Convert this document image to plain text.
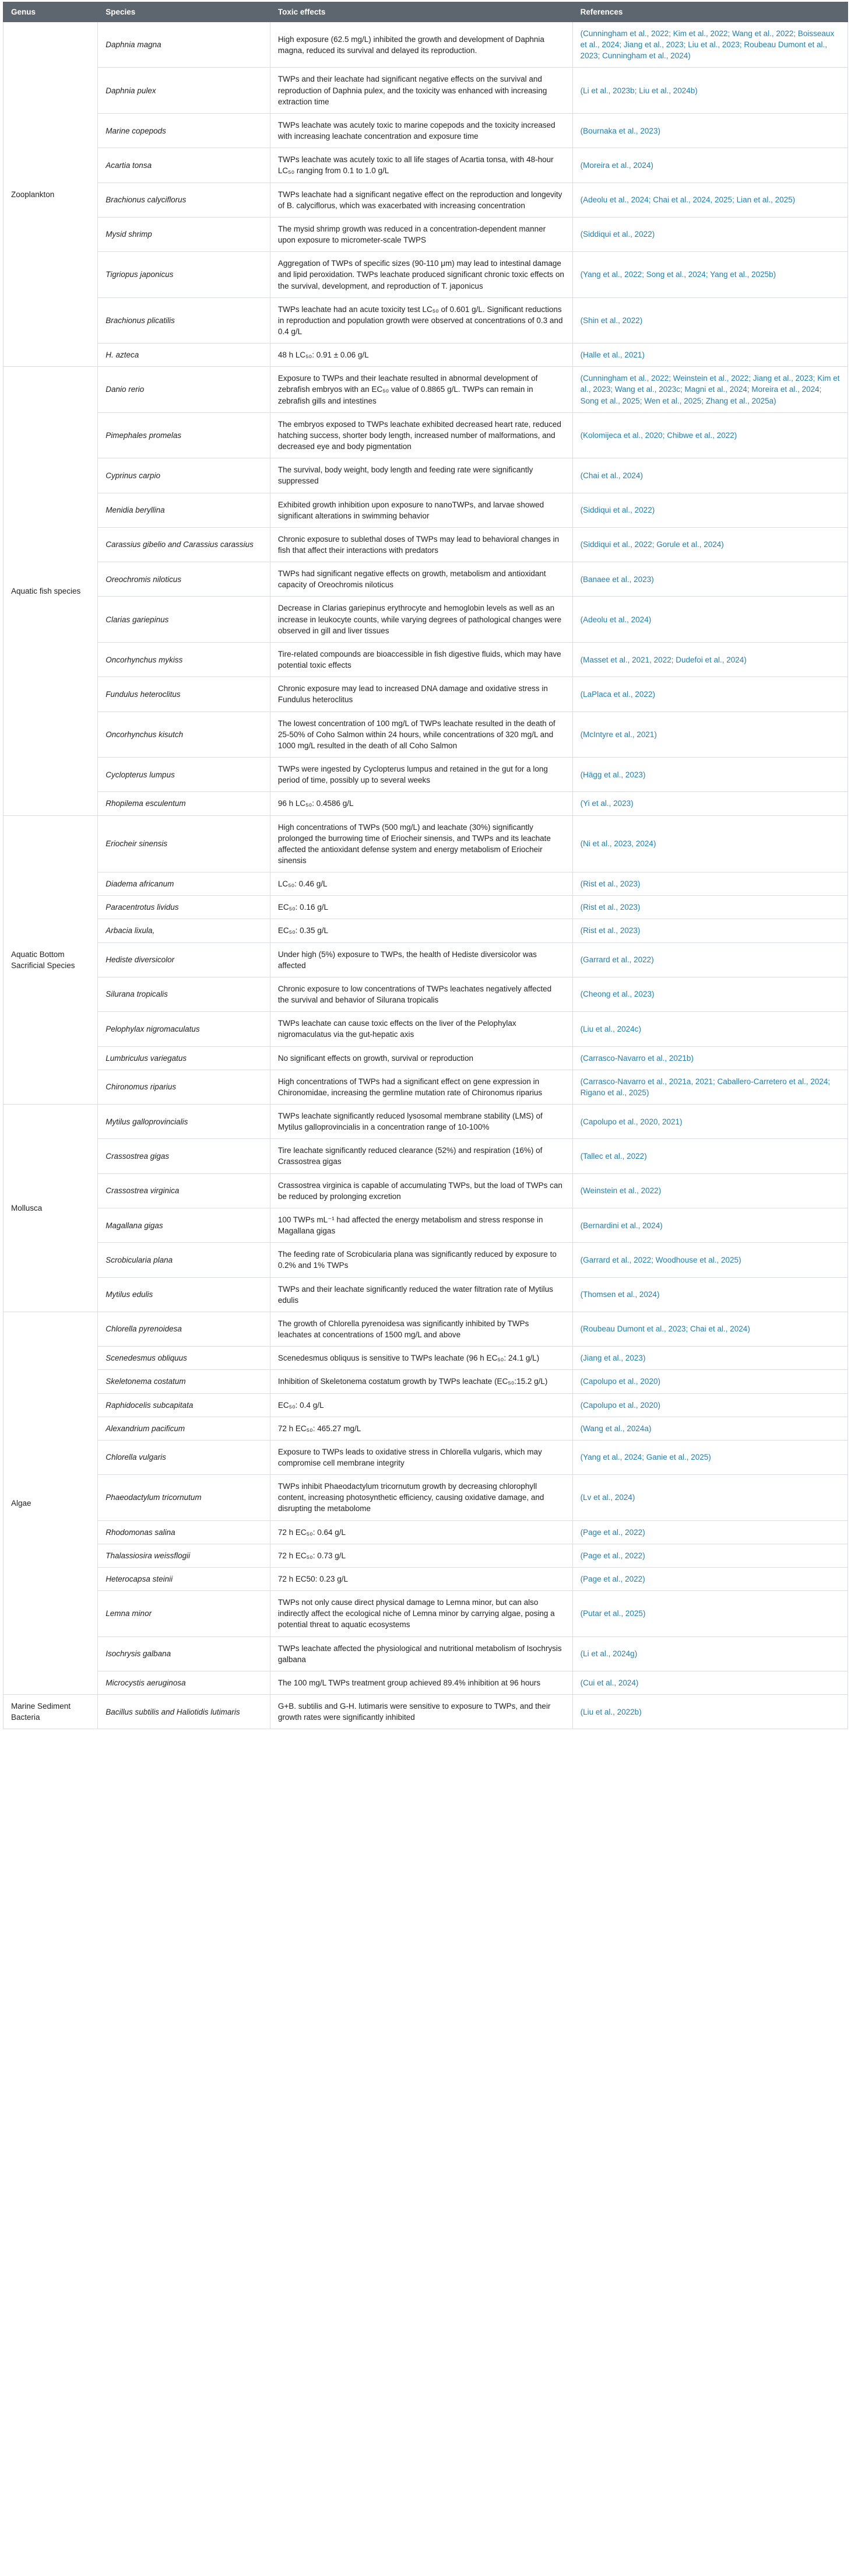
Genus	Species	Toxic effects	References
Zooplankton	Daphnia magna	High exposure (62.5 mg/L) inhibited the growth and development of Daphnia magna, reduced its survival and delayed its reproduction.	(Cunningham et al., 2022; Kim et al., 2022; Wang et al., 2022; Boisseaux et al., 2024; Jiang et al., 2023; Liu et al., 2023; Roubeau Dumont et al., 2023; Cunningham et al., 2024)
	Daphnia pulex	TWPs and their leachate had significant negative effects on the survival and reproduction of Daphnia pulex, and the toxicity was enhanced with increasing extraction time	(Li et al., 2023b; Liu et al., 2024b)
	Marine copepods	TWPs leachate was acutely toxic to marine copepods and the toxicity increased with increasing leachate concentration and exposure time	(Bournaka et al., 2023)
	Acartia tonsa	TWPs leachate was acutely toxic to all life stages of Acartia tonsa, with 48-hour LC₅₀ ranging from 0.1 to 1.0 g/L	(Moreira et al., 2024)
	Brachionus calyciflorus	TWPs leachate had a significant negative effect on the reproduction and longevity of B. calyciflorus, which was exacerbated with increasing concentration	(Adeolu et al., 2024; Chai et al., 2024, 2025; Lian et al., 2025)
	Mysid shrimp	The mysid shrimp growth was reduced in a concentration-dependent manner upon exposure to micrometer-scale TWPS	(Siddiqui et al., 2022)
	Tigriopus japonicus	Aggregation of TWPs of specific sizes (90-110 μm) may lead to intestinal damage and lipid peroxidation. TWPs leachate produced significant chronic toxic effects on the survival, development, and reproduction of T. japonicus	(Yang et al., 2022; Song et al., 2024; Yang et al., 2025b)
	Brachionus plicatilis	TWPs leachate had an acute toxicity test LC₅₀ of 0.601 g/L. Significant reductions in reproduction and population growth were observed at concentrations of 0.3 and 0.4 g/L	(Shin et al., 2022)
	H. azteca	48 h LC₅₀: 0.91 ± 0.06 g/L	(Halle et al., 2021)
Aquatic fish species	Danio rerio	Exposure to TWPs and their leachate resulted in abnormal development of zebrafish embryos with an EC₅₀ value of 0.8865 g/L. TWPs can remain in zebrafish gills and intestines	(Cunningham et al., 2022; Weinstein et al., 2022; Jiang et al., 2023; Kim et al., 2023; Wang et al., 2023c; Magni et al., 2024; Moreira et al., 2024; Song et al., 2025; Wen et al., 2025; Zhang et al., 2025a)
	Pimephales promelas	The embryos exposed to TWPs leachate exhibited decreased heart rate, reduced hatching success, shorter body length, increased number of malformations, and decreased eye and body pigmentation	(Kolomijeca et al., 2020; Chibwe et al., 2022)
	Cyprinus carpio	The survival, body weight, body length and feeding rate were significantly suppressed	(Chai et al., 2024)
	Menidia beryllina	Exhibited growth inhibition upon exposure to nanoTWPs, and larvae showed significant alterations in swimming behavior	(Siddiqui et al., 2022)
	Carassius gibelio and Carassius carassius	Chronic exposure to sublethal doses of TWPs may lead to behavioral changes in fish that affect their interactions with predators	(Siddiqui et al., 2022; Gorule et al., 2024)
	Oreochromis niloticus	TWPs had significant negative effects on growth, metabolism and antioxidant capacity of Oreochromis niloticus	(Banaee et al., 2023)
	Clarias gariepinus	Decrease in Clarias gariepinus erythrocyte and hemoglobin levels as well as an increase in leukocyte counts, while varying degrees of pathological changes were observed in gill and liver tissues	(Adeolu et al., 2024)
	Oncorhynchus mykiss	Tire-related compounds are bioaccessible in fish digestive fluids, which may have potential toxic effects	(Masset et al., 2021, 2022; Dudefoi et al., 2024)
	Fundulus heteroclitus	Chronic exposure may lead to increased DNA damage and oxidative stress in Fundulus heteroclitus	(LaPlaca et al., 2022)
	Oncorhynchus kisutch	The lowest concentration of 100 mg/L of TWPs leachate resulted in the death of 25-50% of Coho Salmon within 24 hours, while concentrations of 320 mg/L and 1000 mg/L resulted in the death of all Coho Salmon	(McIntyre et al., 2021)
	Cyclopterus lumpus	TWPs were ingested by Cyclopterus lumpus and retained in the gut for a long period of time, possibly up to several weeks	(Hägg et al., 2023)
	Rhopilema esculentum	96 h LC₅₀: 0.4586 g/L	(Yi et al., 2023)
Aquatic Bottom Sacrificial Species	Eriocheir sinensis	High concentrations of TWPs (500 mg/L) and leachate (30%) significantly prolonged the burrowing time of Eriocheir sinensis, and TWPs and its leachate affected the antioxidant defense system and energy metabolism of Eriocheir sinensis	(Ni et al., 2023, 2024)
	Diadema africanum	LC₅₀: 0.46 g/L	(Rist et al., 2023)
	Paracentrotus lividus	EC₅₀: 0.16 g/L	(Rist et al., 2023)
	Arbacia lixula,	EC₅₀: 0.35 g/L	(Rist et al., 2023)
	Hediste diversicolor	Under high (5%) exposure to TWPs, the health of Hediste diversicolor was affected	(Garrard et al., 2022)
	Silurana tropicalis	Chronic exposure to low concentrations of TWPs leachates negatively affected the survival and behavior of Silurana tropicalis	(Cheong et al., 2023)
	Pelophylax nigromaculatus	TWPs leachate can cause toxic effects on the liver of the Pelophylax nigromaculatus via the gut-hepatic axis	(Liu et al., 2024c)
	Lumbriculus variegatus	No significant effects on growth, survival or reproduction	(Carrasco-Navarro et al., 2021b)
	Chironomus riparius	High concentrations of TWPs had a significant effect on gene expression in Chironomidae, increasing the germline mutation rate of Chironomus riparius	(Carrasco-Navarro et al., 2021a, 2021; Caballero-Carretero et al., 2024; Rigano et al., 2025)
Mollusca	Mytilus galloprovincialis	TWPs leachate significantly reduced lysosomal membrane stability (LMS) of Mytilus galloprovincialis in a concentration range of 10-100%	(Capolupo et al., 2020, 2021)
	Crassostrea gigas	Tire leachate significantly reduced clearance (52%) and respiration (16%) of Crassostrea gigas	(Tallec et al., 2022)
	Crassostrea virginica	Crassostrea virginica is capable of accumulating TWPs, but the load of TWPs can be reduced by prolonging excretion	(Weinstein et al., 2022)
	Magallana gigas	100 TWPs mL⁻¹ had affected the energy metabolism and stress response in Magallana gigas	(Bernardini et al., 2024)
	Scrobicularia plana	The feeding rate of Scrobicularia plana was significantly reduced by exposure to 0.2% and 1% TWPs	(Garrard et al., 2022; Woodhouse et al., 2025)
	Mytilus edulis	TWPs and their leachate significantly reduced the water filtration rate of Mytilus edulis	(Thomsen et al., 2024)
Algae	Chlorella pyrenoidesa	The growth of Chlorella pyrenoidesa was significantly inhibited by TWPs leachates at concentrations of 1500 mg/L and above	(Roubeau Dumont et al., 2023; Chai et al., 2024)
	Scenedesmus obliquus	Scenedesmus obliquus is sensitive to TWPs leachate (96 h EC₅₀: 24.1 g/L)	(Jiang et al., 2023)
	Skeletonema costatum	Inhibition of Skeletonema costatum growth by TWPs leachate (EC₅₀:15.2 g/L)	(Capolupo et al., 2020)
	Raphidocelis subcapitata	EC₅₀: 0.4 g/L	(Capolupo et al., 2020)
	Alexandrium pacificum	72 h EC₅₀: 465.27 mg/L	(Wang et al., 2024a)
	Chlorella vulgaris	Exposure to TWPs leads to oxidative stress in Chlorella vulgaris, which may compromise cell membrane integrity	(Yang et al., 2024; Ganie et al., 2025)
	Phaeodactylum tricornutum	TWPs inhibit Phaeodactylum tricornutum growth by decreasing chlorophyll content, increasing photosynthetic efficiency, causing oxidative damage, and disrupting the metabolome	(Lv et al., 2024)
	Rhodomonas salina	72 h EC₅₀: 0.64 g/L	(Page et al., 2022)
	Thalassiosira weissflogii	72 h EC₅₀: 0.73 g/L	(Page et al., 2022)
	Heterocapsa steinii	72 h EC50: 0.23 g/L	(Page et al., 2022)
	Lemna minor	TWPs not only cause direct physical damage to Lemna minor, but can also indirectly affect the ecological niche of Lemna minor by carrying algae, posing a potential threat to aquatic ecosystems	(Putar et al., 2025)
	Isochrysis galbana	TWPs leachate affected the physiological and nutritional metabolism of Isochrysis galbana	(Li et al., 2024g)
	Microcystis aeruginosa	The 100 mg/L TWPs treatment group achieved 89.4% inhibition at 96 hours	(Cui et al., 2024)
Marine Sediment Bacteria	Bacillus subtilis and Haliotidis lutimaris	G+B. subtilis and G-H. lutimaris were sensitive to exposure to TWPs, and their growth rates were significantly inhibited	(Liu et al., 2022b)
